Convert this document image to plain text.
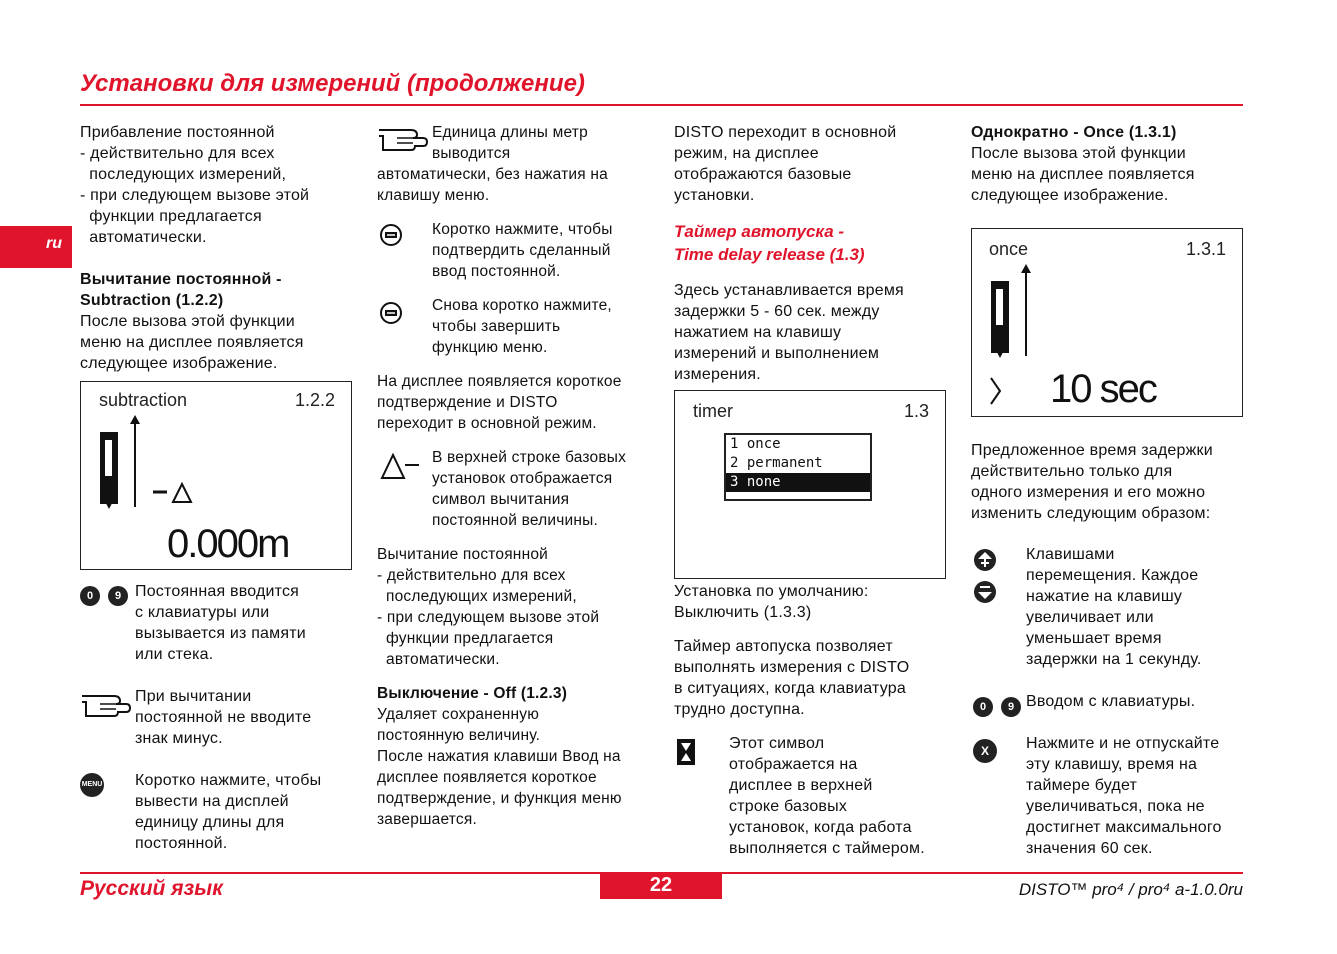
Установки для измерений (продолжение)
ru
Прибавление постоянной
- действительно для всех
последующих измерений,
- при следующем вызове этой
функции предлагается
автоматически.
Вычитание постоянной -
Subtraction (1.2.2)
После вызова этой функции
меню на дисплее появляется
следующее изображение.
subtraction	1.2.2
0.000m
0	9 Постоянная вводится
с клавиатуры или
вызывается из памяти
или стека.
При вычитании
постоянной не вводите
знак минус.
MENU Коротко нажмите, чтобы
вывести на дисплей
единицу длины для
постоянной.
Единица длины метр
выводится
автоматически, без нажатия на
клавишу меню.
Коротко нажмите, чтобы
подтвердить сделанный
ввод постоянной.
Снова коротко нажмите,
чтобы завершить
функцию меню.
На дисплее появляется короткое
подтверждение и DISTO
переходит в основной режим.
В верхней строке базовых
установок отображается
символ вычитания
постоянной величины.
Вычитание постоянной
- действительно для всех
последующих измерений,
- при следующем вызове этой
функции предлагается
автоматически.
Выключение - Off (1.2.3)
Удаляет сохраненную
постоянную величину.
После нажатия клавиши Ввод на
дисплее появляется короткое
подтверждение, и функция меню
завершается.
DISTO переходит в основной
режим, на дисплее
отображаются базовые
установки.
Таймер автопуска -
Time delay release (1.3)
Здесь устанавливается время
задержки 5 - 60 сек. между
нажатием на клавишу
измерений и выполнением
измерения.
timer	1.3
1 once
2 permanent
3 none
Установка по умолчанию:
Выключить (1.3.3)
Таймер автопуска позволяет
выполнять измерения с DISTO
в ситуациях, когда клавиатура
трудно доступна.
Этот символ
отображается на
дисплее в верхней
строке базовых
установок, когда работа
выполняется с таймером.
Однократно - Once (1.3.1)
После вызова этой функции
меню на дисплее появляется
следующее изображение.
once	1.3.1
10 sec
Предложенное время задержки
действительно только для
одного измерения и его можно
изменить следующим образом:
Клавишами
перемещения. Каждое
нажатие на клавишу
увеличивает или
уменьшает время
задержки на 1 секунду.
0	9 Вводом с клавиатуры.
X	Нажмите и не отпускайте
эту клавишу, время на
таймере будет
увеличиваться, пока не
достигнет максимального
значения 60 сек.
Русский язык	22	DISTO™ pro⁴ / pro⁴ a-1.0.0ru
